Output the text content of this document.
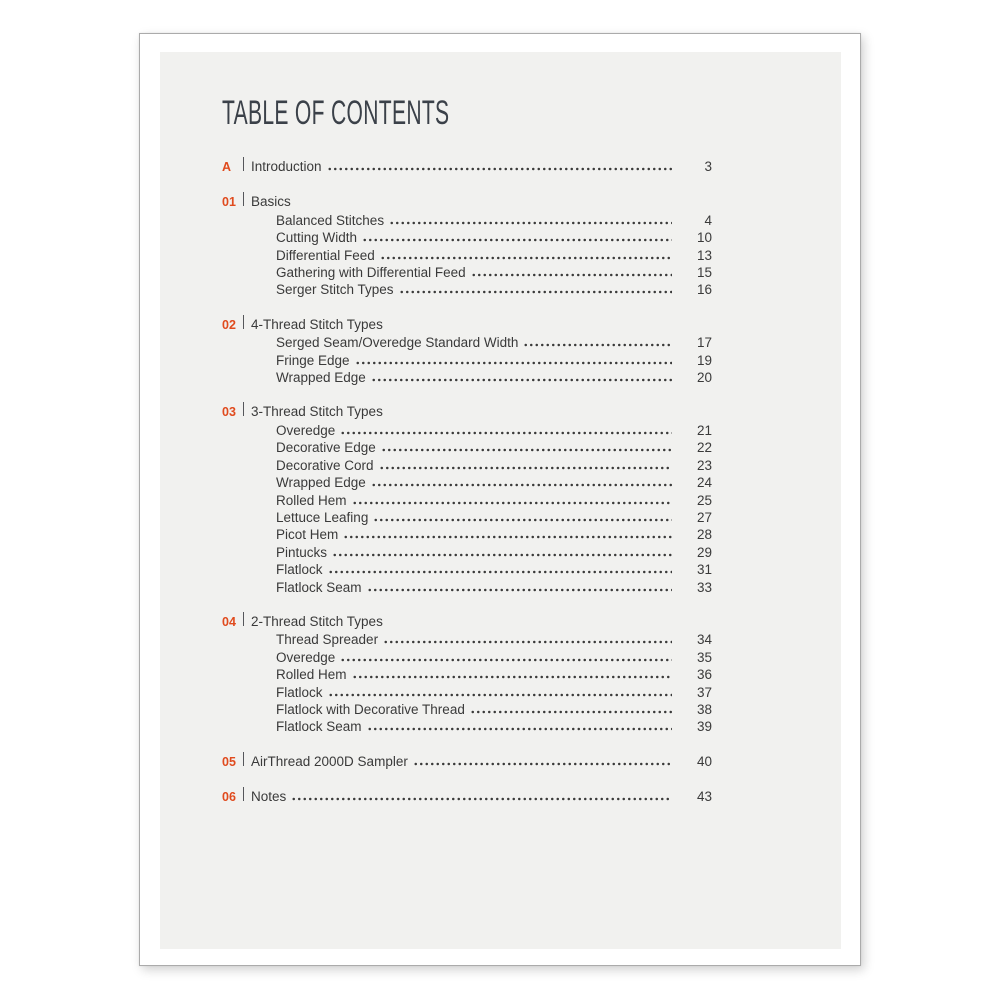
TABLE OF CONTENTS
A	Introduction	3
01	Basics
Balanced Stitches	4
Cutting Width	10
Differential Feed	13
Gathering with Differential Feed	15
Serger Stitch Types	16
02	4-Thread Stitch Types
Serged Seam/Overedge Standard Width	17
Fringe Edge	19
Wrapped Edge	20
03	3-Thread Stitch Types
Overedge	21
Decorative Edge	22
Decorative Cord	23
Wrapped Edge	24
Rolled Hem	25
Lettuce Leafing	27
Picot Hem	28
Pintucks	29
Flatlock	31
Flatlock Seam	33
04	2-Thread Stitch Types
Thread Spreader	34
Overedge	35
Rolled Hem	36
Flatlock	37
Flatlock with Decorative Thread	38
Flatlock Seam	39
05	AirThread 2000D Sampler	40
06	Notes	43
